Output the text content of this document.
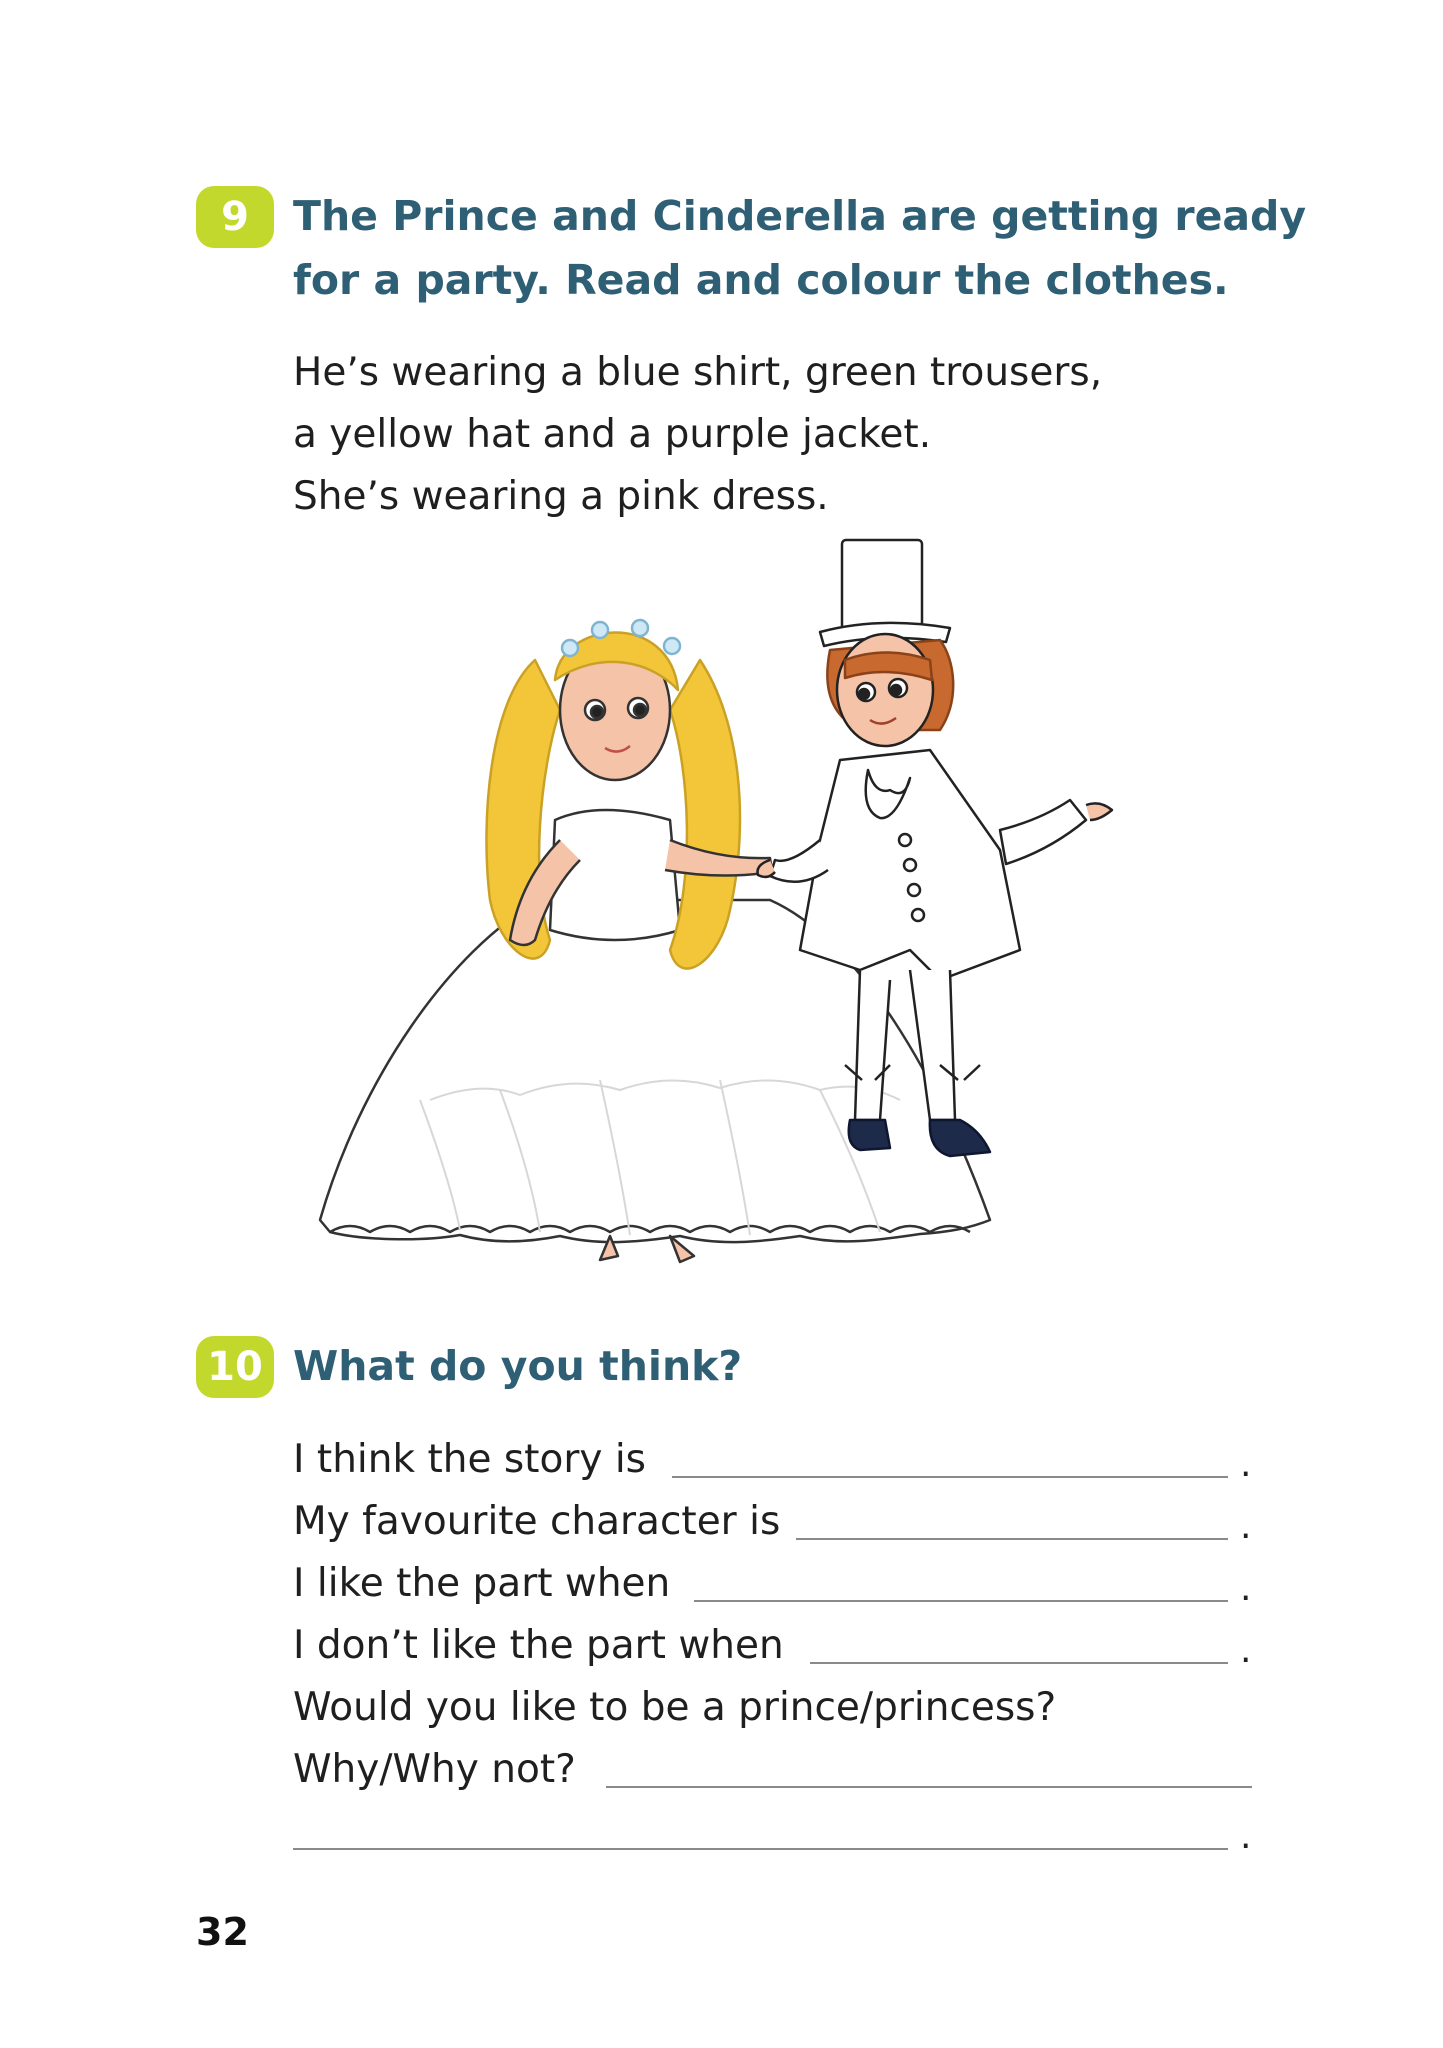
9 The Prince and Cinderella are getting ready
for a party. Read and colour the clothes.

He’s wearing a blue shirt, green trousers,

a yellow hat and a purple jacket.

She’s wearing a pink dress.

10 What do you think?
I think the story is	.
My favourite character is	.
I like the part when	.
I don’t like the part when	.
Would you like to be a prince/princess?
Why/Why not?
.
32
